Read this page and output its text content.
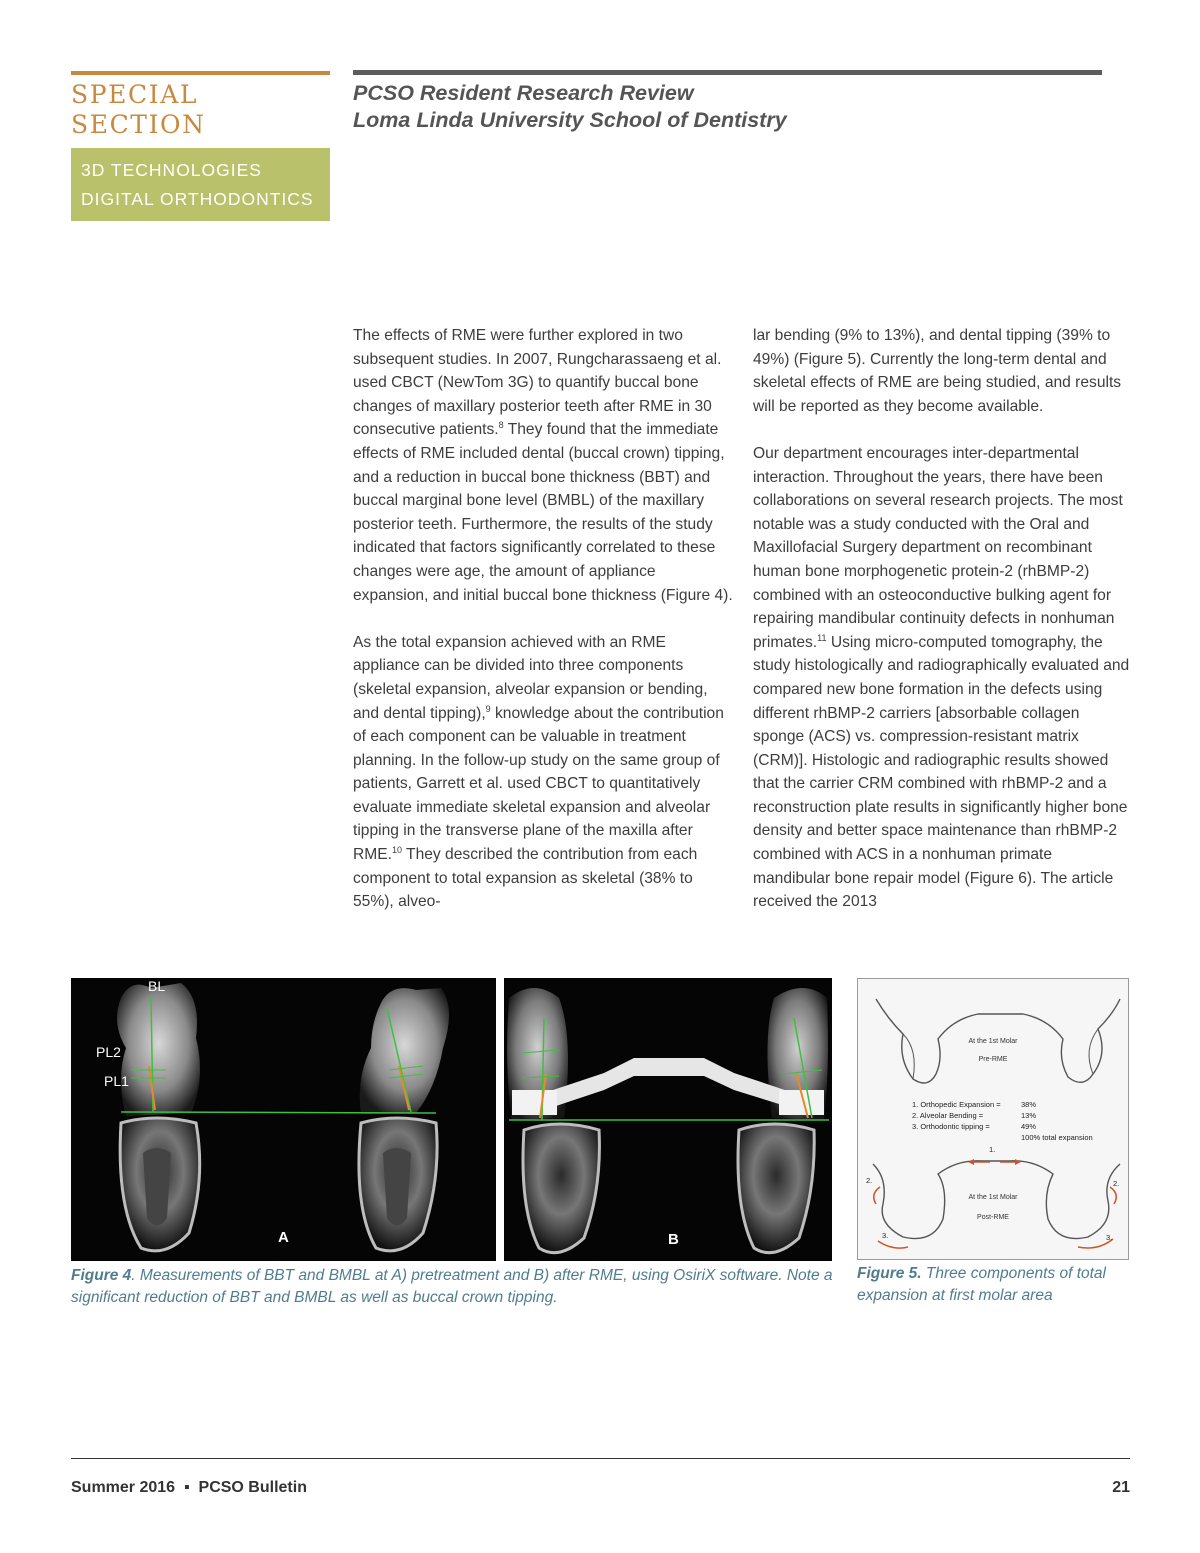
SPECIAL SECTION
3D TECHNOLOGIES
DIGITAL ORTHODONTICS
PCSO Resident Research Review
Loma Linda University School of Dentistry

The effects of RME were further explored in two subsequent studies. In 2007, Rungcharassaeng et al. used CBCT (NewTom 3G) to quantify buccal bone changes of maxillary posterior teeth after RME in 30 consecutive patients.$^8$ They found that the immediate effects of RME included dental (buccal crown) tipping, and a reduction in buccal bone thickness (BBT) and buccal marginal bone level (BMBL) of the maxillary posterior teeth. Furthermore, the results of the study indicated that factors significantly correlated to these changes were age, the amount of appliance expansion, and initial buccal bone thickness (Figure 4).

As the total expansion achieved with an RME appliance can be divided into three components (skeletal expansion, alveolar expansion or bending, and dental tipping),$^9$ knowledge about the contribution of each component can be valuable in treatment planning. In the follow-up study on the same group of patients, Garrett et al. used CBCT to quantitatively evaluate immediate skeletal expansion and alveolar tipping in the transverse plane of the maxilla after RME.$^{10}$ They described the contribution from each component to total expansion as skeletal (38% to 55%), alveo-

lar bending (9% to 13%), and dental tipping (39% to 49%) (Figure 5). Currently the long-term dental and skeletal effects of RME are being studied, and results will be reported as they become available.

Our department encourages inter-departmental interaction. Throughout the years, there have been collaborations on several research projects. The most notable was a study conducted with the Oral and Maxillofacial Surgery department on recombinant human bone morphogenetic protein-2 (rhBMP-2) combined with an osteoconductive bulking agent for repairing mandibular continuity defects in nonhuman primates.$^{11}$ Using micro-computed tomography, the study histologically and radiographically evaluated and compared new bone formation in the defects using different rhBMP-2 carriers [absorbable collagen sponge (ACS) vs. compression-resistant matrix (CRM)]. Histologic and radiographic results showed that the carrier CRM combined with rhBMP-2 and a reconstruction plate results in significantly higher bone density and better space maintenance than rhBMP-2 combined with ACS in a nonhuman primate mandibular bone repair model (Figure 6). The article received the 2013

BL
PL2
PL1
A	B
Figure 4. Measurements of BBT and BMBL at A) pretreatment and B) after RME, using OsiriX software. Note a significant reduction of BBT and BMBL as well as buccal crown tipping.
At the 1st Molar
Pre-RME
1. Orthopedic Expansion =	38%
2. Alveolar Bending =	13%
3. Orthodontic tipping =	49%
100% total expansion
1.
2.	2.
3.	3.
At the 1st Molar
Post-RME
Figure 5. Three components of total expansion at first molar area
Summer 2016  ▪  PCSO Bulletin	21
